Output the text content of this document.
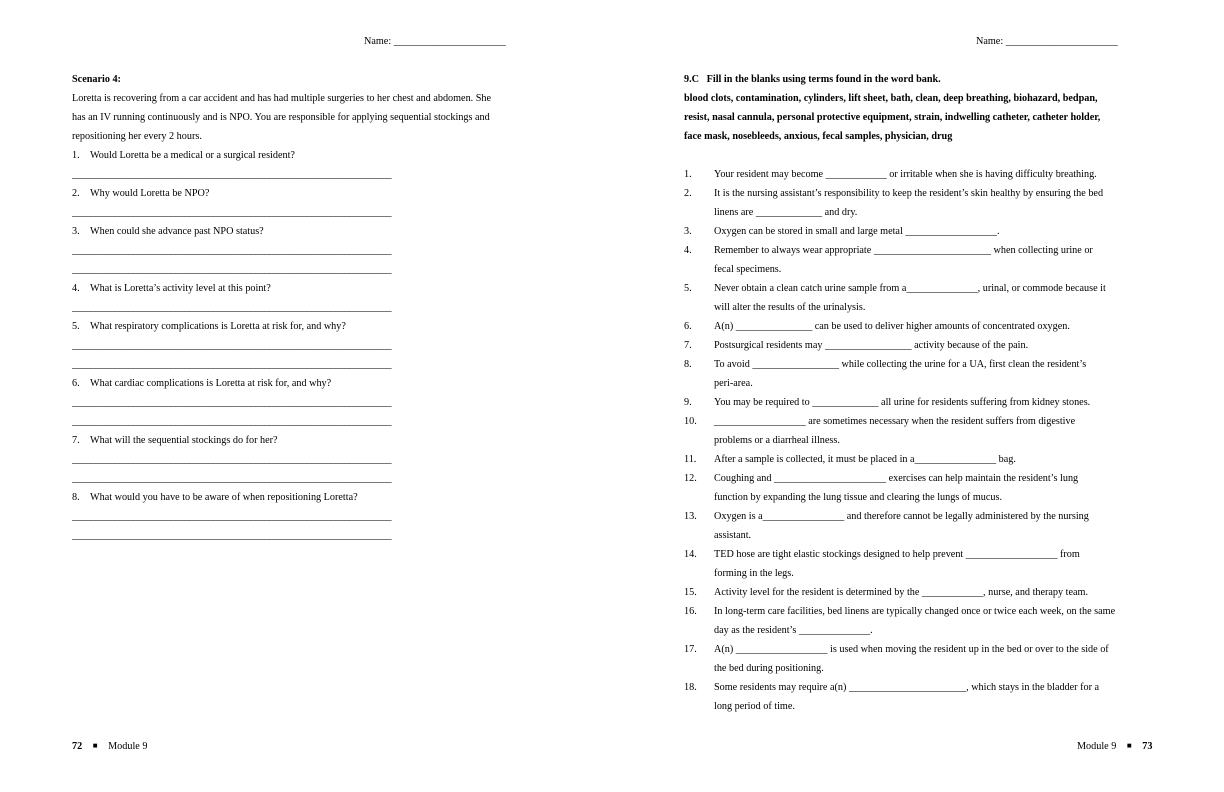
Name: ______________________
Scenario 4:
Loretta is recovering from a car accident and has had multiple surgeries to her chest and abdomen. She
has an IV running continuously and is NPO. You are responsible for applying sequential stockings and
repositioning her every 2 hours.
1.	Would Loretta be a medical or a surgical resident?
____________________________________________________________________
2.	Why would Loretta be NPO?
____________________________________________________________________
3.	When could she advance past NPO status?
____________________________________________________________________
____________________________________________________________________
4.	What is Loretta’s activity level at this point?
____________________________________________________________________
5.	What respiratory complications is Loretta at risk for, and why?
____________________________________________________________________
____________________________________________________________________
6.	What cardiac complications is Loretta at risk for, and why?
____________________________________________________________________
____________________________________________________________________
7.	What will the sequential stockings do for her?
____________________________________________________________________
____________________________________________________________________
8.	What would you have to be aware of when repositioning Loretta?
____________________________________________________________________
____________________________________________________________________
72 ■ Module 9
Name: ______________________
9.C Fill in the blanks using terms found in the word bank.
blood clots, contamination, cylinders, lift sheet, bath, clean, deep breathing, biohazard, bedpan,
resist, nasal cannula, personal protective equipment, strain, indwelling catheter, catheter holder,
face mask, nosebleeds, anxious, fecal samples, physician, drug
1.	Your resident may become ____________ or irritable when she is having difficulty breathing.
2.	It is the nursing assistant’s responsibility to keep the resident’s skin healthy by ensuring the bed
linens are _____________ and dry.
3.	Oxygen can be stored in small and large metal __________________.
4.	Remember to always wear appropriate _______________________ when collecting urine or
fecal specimens.
5.	Never obtain a clean catch urine sample from a______________, urinal, or commode because it
will alter the results of the urinalysis.
6.	A(n) _______________ can be used to deliver higher amounts of concentrated oxygen.
7.	Postsurgical residents may _________________ activity because of the pain.
8.	To avoid _________________ while collecting the urine for a UA, first clean the resident’s
peri-area.
9.	You may be required to _____________ all urine for residents suffering from kidney stones.
10.	__________________ are sometimes necessary when the resident suffers from digestive
problems or a diarrheal illness.
11.	After a sample is collected, it must be placed in a________________ bag.
12.	Coughing and ______________________ exercises can help maintain the resident’s lung
function by expanding the lung tissue and clearing the lungs of mucus.
13.	Oxygen is a________________ and therefore cannot be legally administered by the nursing
assistant.
14.	TED hose are tight elastic stockings designed to help prevent __________________ from
forming in the legs.
15.	Activity level for the resident is determined by the ____________, nurse, and therapy team.
16.	In long-term care facilities, bed linens are typically changed once or twice each week, on the same
day as the resident’s ______________.
17.	A(n) __________________ is used when moving the resident up in the bed or over to the side of
the bed during positioning.
18.	Some residents may require a(n) _______________________, which stays in the bladder for a
long period of time.
Module 9 ■ 73
